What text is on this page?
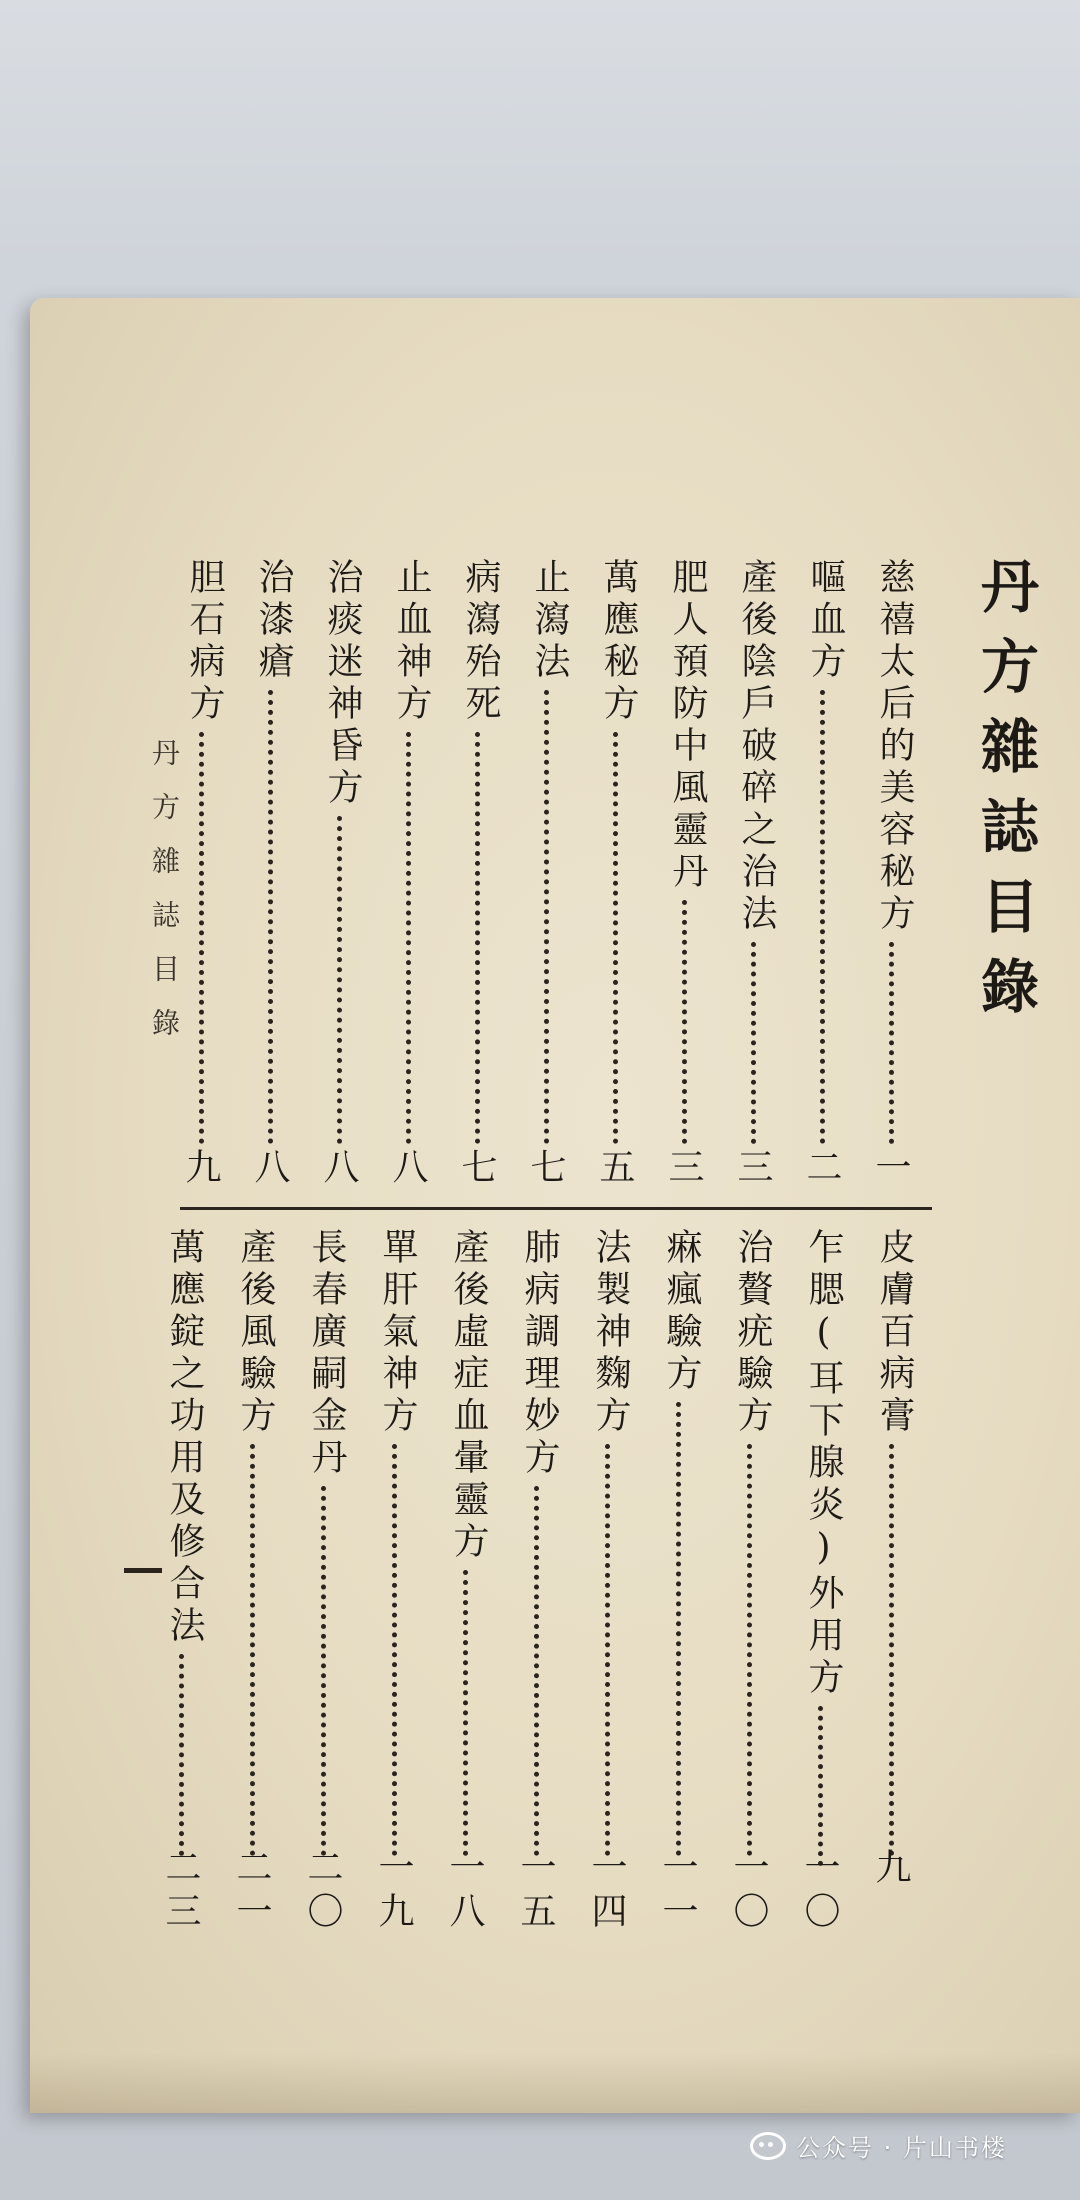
丹方雜誌目錄
丹方雜誌目錄	慈禧太后的美容秘方
一
嘔血方
二
產後陰戶破碎之治法
三
肥人預防中風靈丹
三
萬應秘方
五
止瀉法
七
病瀉殆死
七
止血神方
八
治痰迷神昏方
八
治漆瘡
八
胆石病方
九
皮膚百病膏
九
乍腮(耳下腺炎)外用方
一〇
治贅疣驗方
一〇
痳瘋驗方
一一
法製神麴方
一四
肺病調理妙方
一五
產後虛症血暈靈方
一八
單肝氣神方
一九
長春廣嗣金丹
二〇
產後風驗方
二一
萬應錠之功用及修合法
二三
公众号 · 片山书楼
